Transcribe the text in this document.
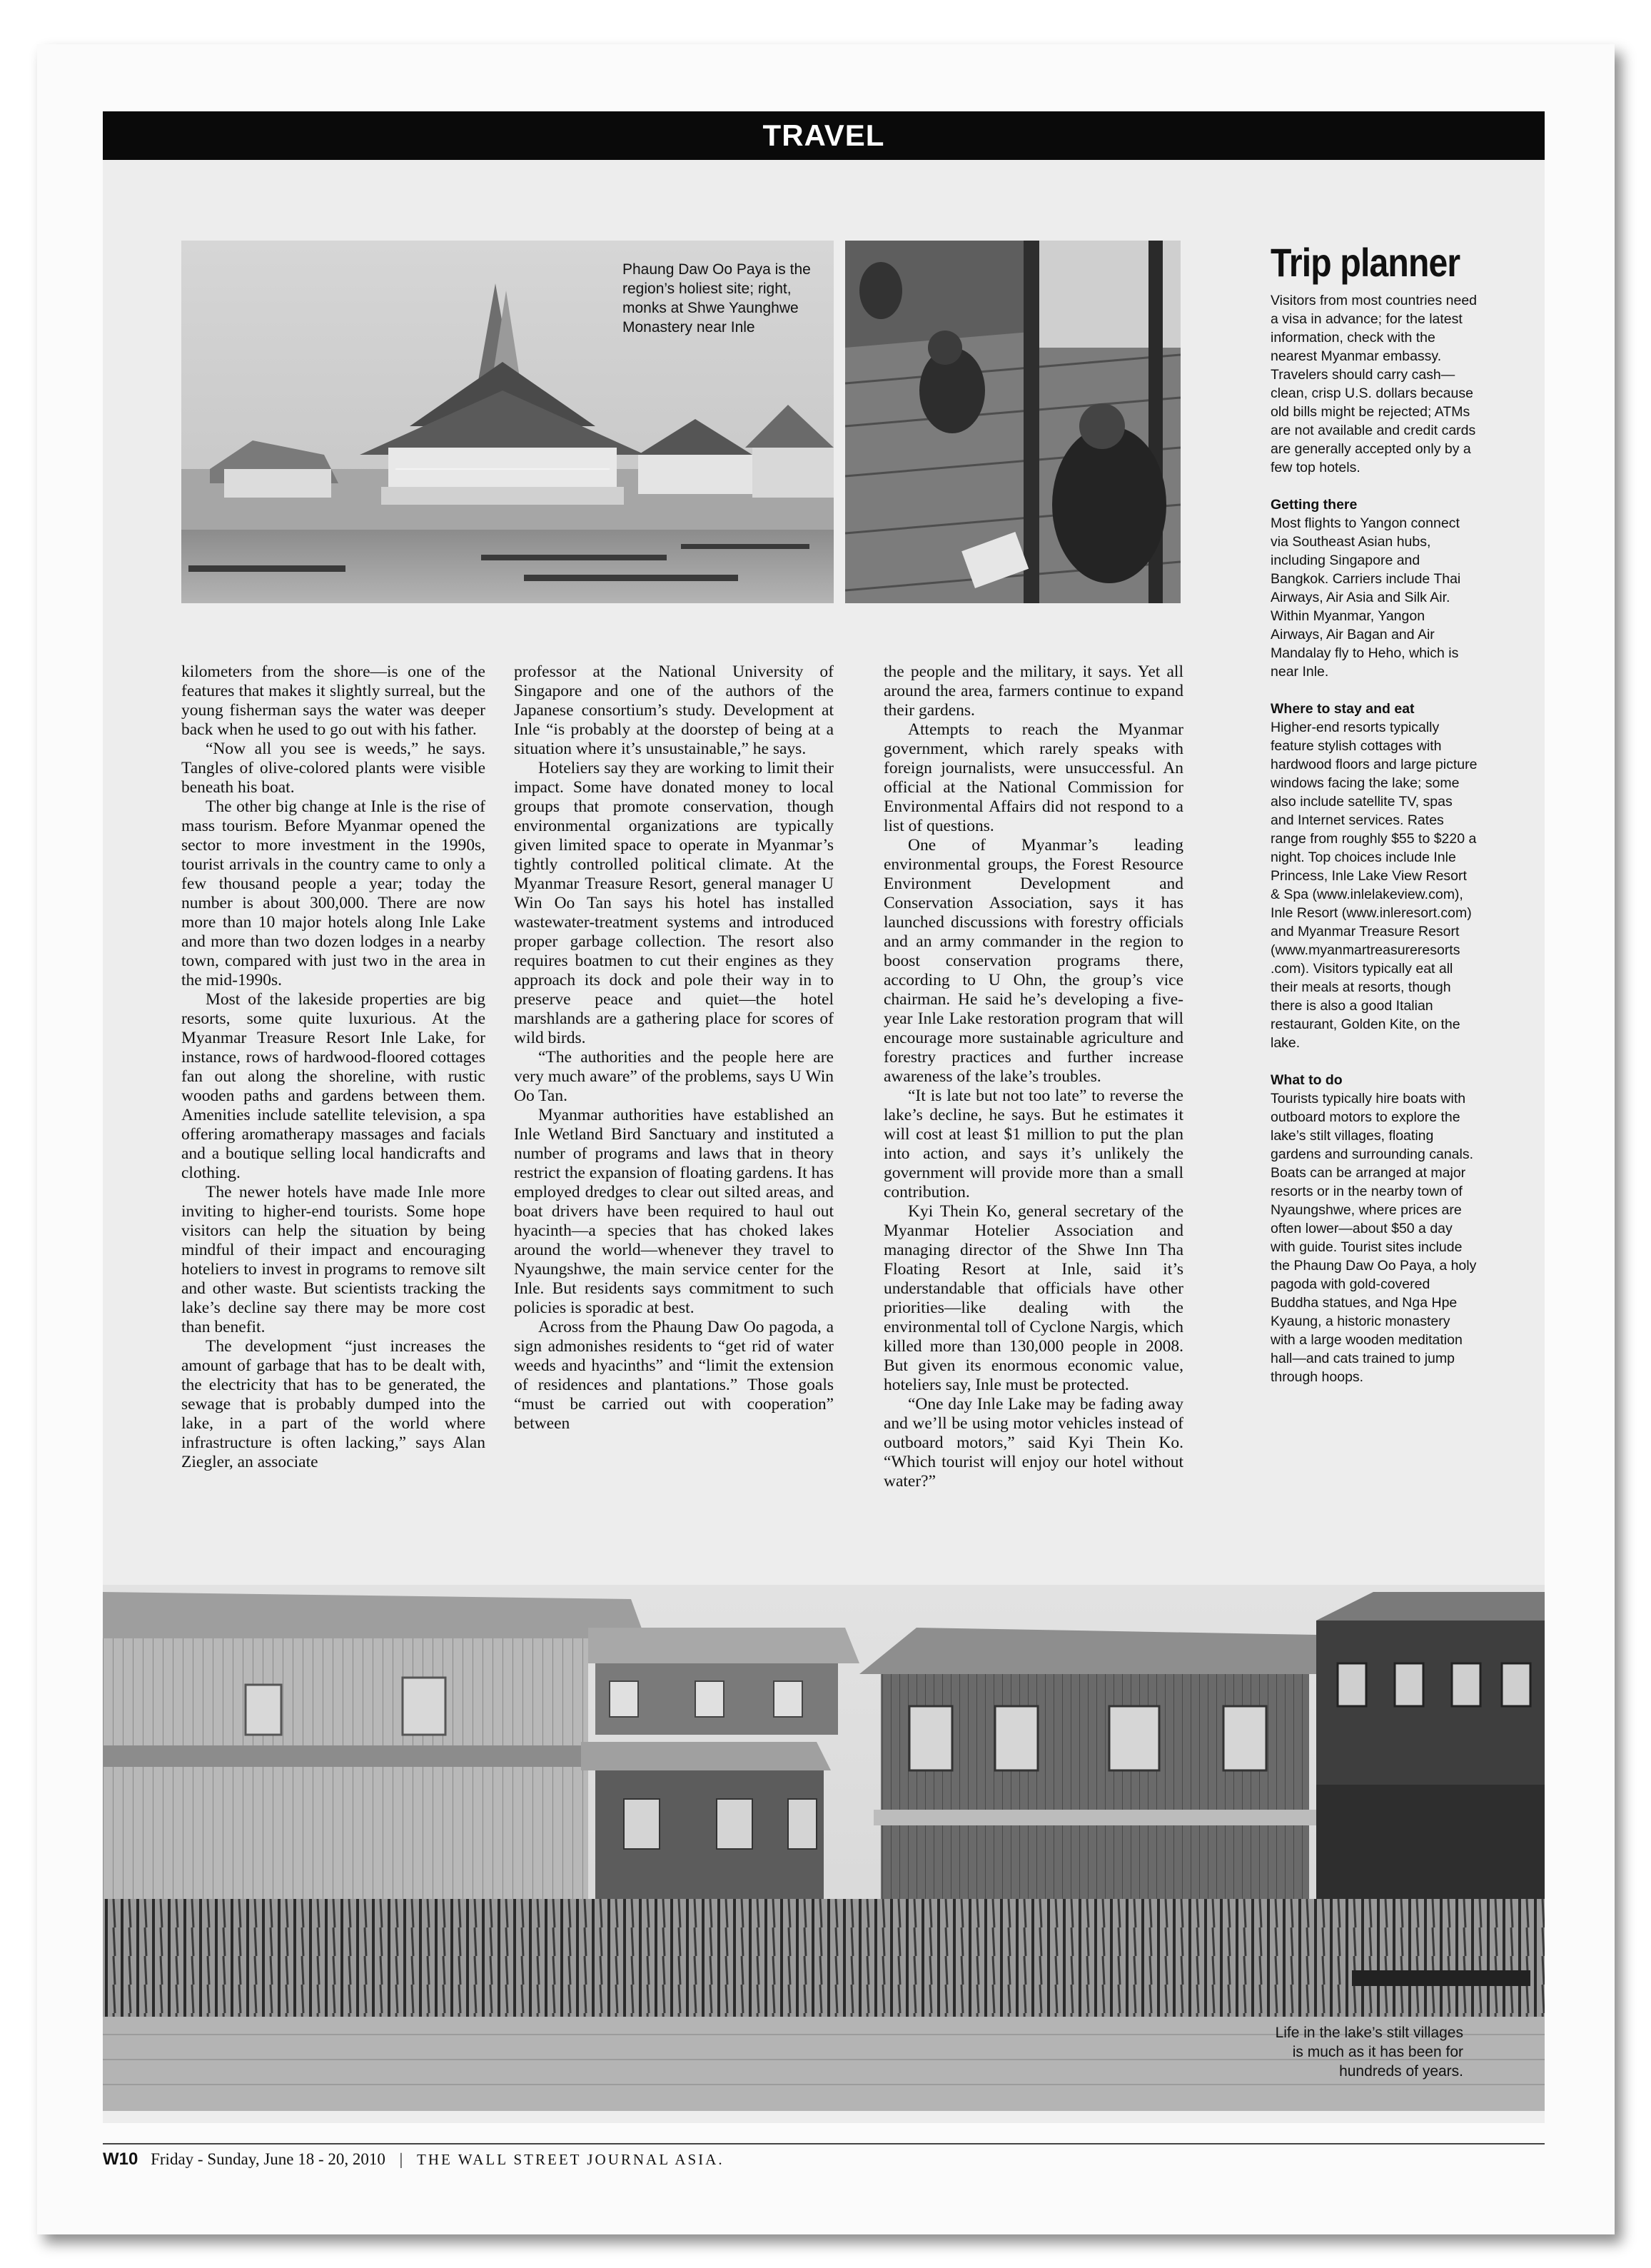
TRAVEL
Phaung Daw Oo Paya is the region’s holiest site; right, monks at Shwe Yaunghwe Monastery near Inle

kilometers from the shore—is one of the features that makes it slightly surreal, but the young fisherman says the water was deeper back when he used to go out with his father.

“Now all you see is weeds,” he says. Tangles of olive-colored plants were visible beneath his boat.

The other big change at Inle is the rise of mass tourism. Before Myanmar opened the sector to more investment in the 1990s, tourist arrivals in the country came to only a few thousand people a year; today the number is about 300,000. There are now more than 10 major hotels along Inle Lake and more than two dozen lodges in a nearby town, compared with just two in the area in the mid-1990s.

Most of the lakeside properties are big resorts, some quite luxurious. At the Myanmar Treasure Resort Inle Lake, for instance, rows of hardwood-floored cottages fan out along the shoreline, with rustic wooden paths and gardens between them. Amenities include satellite television, a spa offering aromatherapy massages and facials and a boutique selling local handicrafts and clothing.

The newer hotels have made Inle more inviting to higher-end tourists. Some hope visitors can help the situation by being mindful of their impact and encouraging hoteliers to invest in programs to remove silt and other waste. But scientists tracking the lake’s decline say there may be more cost than benefit.

The development “just increases the amount of garbage that has to be dealt with, the electricity that has to be generated, the sewage that is probably dumped into the lake, in a part of the world where infrastructure is often lacking,” says Alan Ziegler, an associate

professor at the National University of Singapore and one of the authors of the Japanese consortium’s study. Development at Inle “is probably at the doorstep of being at a situation where it’s unsustainable,” he says.

Hoteliers say they are working to limit their impact. Some have donated money to local groups that promote conservation, though environmental organizations are typically given limited space to operate in Myanmar’s tightly controlled political climate. At the Myanmar Treasure Resort, general manager U Win Oo Tan says his hotel has installed wastewater-treatment systems and introduced proper garbage collection. The resort also requires boatmen to cut their engines as they approach its dock and pole their way in to preserve peace and quiet—the hotel marshlands are a gathering place for scores of wild birds.

“The authorities and the people here are very much aware” of the problems, says U Win Oo Tan.

Myanmar authorities have established an Inle Wetland Bird Sanctuary and instituted a number of programs and laws that in theory restrict the expansion of floating gardens. It has employed dredges to clear out silted areas, and boat drivers have been required to haul out hyacinth—a species that has choked lakes around the world—whenever they travel to Nyaungshwe, the main service center for the Inle. But residents says commitment to such policies is sporadic at best.

Across from the Phaung Daw Oo pagoda, a sign admonishes residents to “get rid of water weeds and hyacinths” and “limit the extension of residences and plantations.” Those goals “must be carried out with cooperation” between

the people and the military, it says. Yet all around the area, farmers continue to expand their gardens.

Attempts to reach the Myanmar government, which rarely speaks with foreign journalists, were unsuccessful. An official at the National Commission for Environmental Affairs did not respond to a list of questions.

One of Myanmar’s leading environmental groups, the Forest Resource Environment Development and Conservation Association, says it has launched discussions with forestry officials and an army commander in the region to boost conservation programs there, according to U Ohn, the group’s vice chairman. He said he’s developing a five-year Inle Lake restoration program that will encourage more sustainable agriculture and forestry practices and further increase awareness of the lake’s troubles.

“It is late but not too late” to reverse the lake’s decline, he says. But he estimates it will cost at least $1 million to put the plan into action, and says it’s unlikely the government will provide more than a small contribution.

Kyi Thein Ko, general secretary of the Myanmar Hotelier Association and managing director of the Shwe Inn Tha Floating Resort at Inle, said it’s understandable that officials have other priorities—like dealing with the environmental toll of Cyclone Nargis, which killed more than 130,000 people in 2008. But given its enormous economic value, hoteliers say, Inle must be protected.

“One day Inle Lake may be fading away and we’ll be using motor vehicles instead of outboard motors,” said Kyi Thein Ko. “Which tourist will enjoy our hotel without water?”

Trip planner

Visitors from most countries need a visa in advance; for the latest information, check with the nearest Myanmar embassy. Travelers should carry cash—clean, crisp U.S. dollars because old bills might be rejected; ATMs are not available and credit cards are generally accepted only by a few top hotels.

Getting there

Most flights to Yangon connect via Southeast Asian hubs, including Singapore and Bangkok. Carriers include Thai Airways, Air Asia and Silk Air. Within Myanmar, Yangon Airways, Air Bagan and Air Mandalay fly to Heho, which is near Inle.

Where to stay and eat

Higher-end resorts typically feature stylish cottages with hardwood floors and large picture windows facing the lake; some also include satellite TV, spas and Internet services. Rates range from roughly $55 to $220 a night. Top choices include Inle Princess, Inle Lake View Resort & Spa (www.inlelakeview.com), Inle Resort (www.inleresort.com) and Myanmar Treasure Resort (www.myanmartreasureresorts .com). Visitors typically eat all their meals at resorts, though there is also a good Italian restaurant, Golden Kite, on the lake.

What to do

Tourists typically hire boats with outboard motors to explore the lake’s stilt villages, floating gardens and surrounding canals. Boats can be arranged at major resorts or in the nearby town of Nyaungshwe, where prices are often lower—about $50 a day with guide. Tourist sites include the Phaung Daw Oo Paya, a holy pagoda with gold-covered Buddha statues, and Nga Hpe Kyaung, a historic monastery with a large wooden meditation hall—and cats trained to jump through hoops.

Life in the lake’s stilt villages is much as it has been for hundreds of years.
W10 Friday - Sunday, June 18 - 20, 2010 | THE WALL STREET JOURNAL ASIA.
